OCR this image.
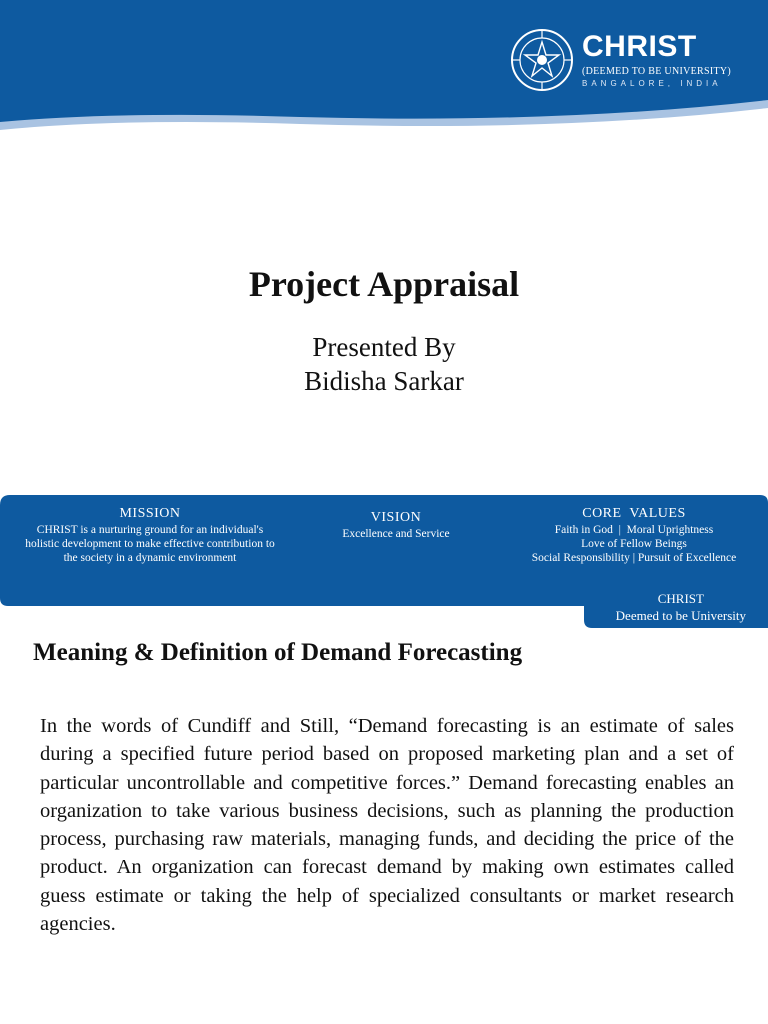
CHRIST
(DEEMED TO BE UNIVERSITY)
BANGALORE, INDIA
Project Appraisal
Presented By
Bidisha Sarkar
MISSION
CHRIST is a nurturing ground for an individual's
holistic development to make effective contribution to
the society in a dynamic environment
VISION
Excellence and Service
CORE  VALUES
Faith in God  |  Moral Uprightness
Love of Fellow Beings
Social Responsibility | Pursuit of Excellence
CHRIST
Deemed to be University
Meaning & Definition of Demand Forecasting
In the words of Cundiff and Still, “Demand forecasting is an estimate of sales during a specified future period based on proposed marketing plan and a set of particular uncontrollable and competitive forces.” Demand forecasting enables an organization to take various business decisions, such as planning the production process, purchasing raw materials, managing funds, and deciding the price of the product. An organization can forecast demand by making own estimates called guess estimate or taking the help of specialized consultants or market research agencies.
